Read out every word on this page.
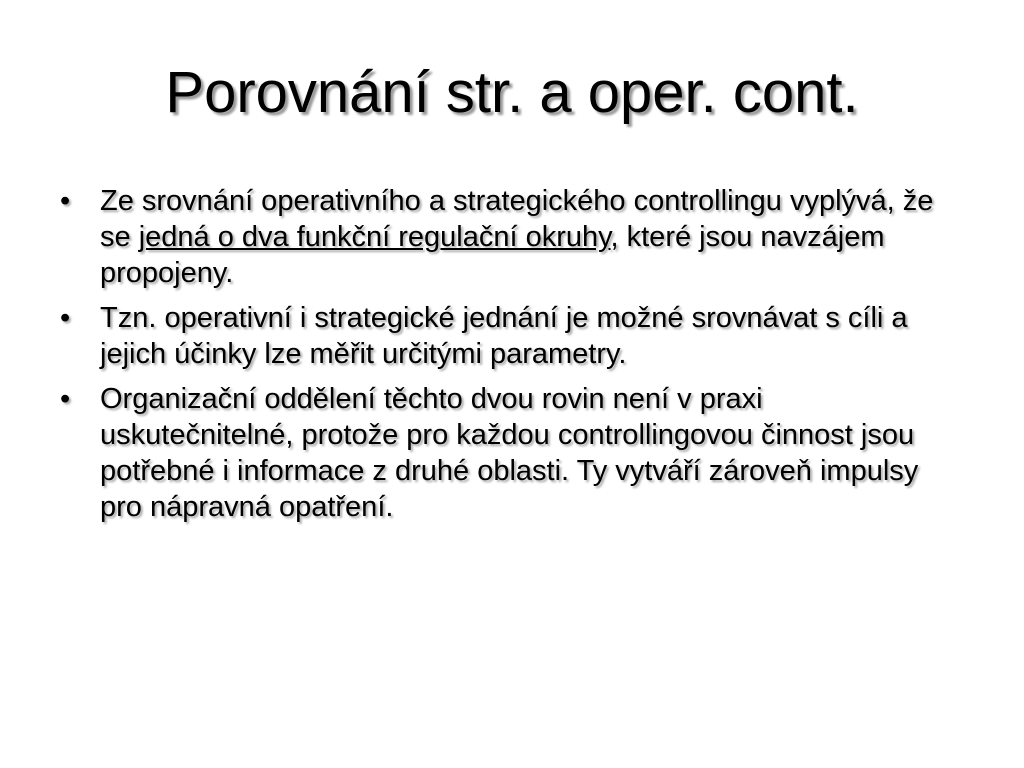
Porovnání str. a oper. cont.
•	Ze srovnání operativního a strategického controllingu vyplývá, že se jedná o dva funkční regulační okruhy, které jsou navzájem propojeny.
•	Tzn. operativní i strategické jednání je možné srovnávat s cíli a jejich účinky lze měřit určitými parametry.
•	Organizační oddělení těchto dvou rovin není v praxi uskutečnitelné, protože pro každou controllingovou činnost jsou potřebné i informace z druhé oblasti. Ty vytváří zároveň impulsy pro nápravná opatření.
